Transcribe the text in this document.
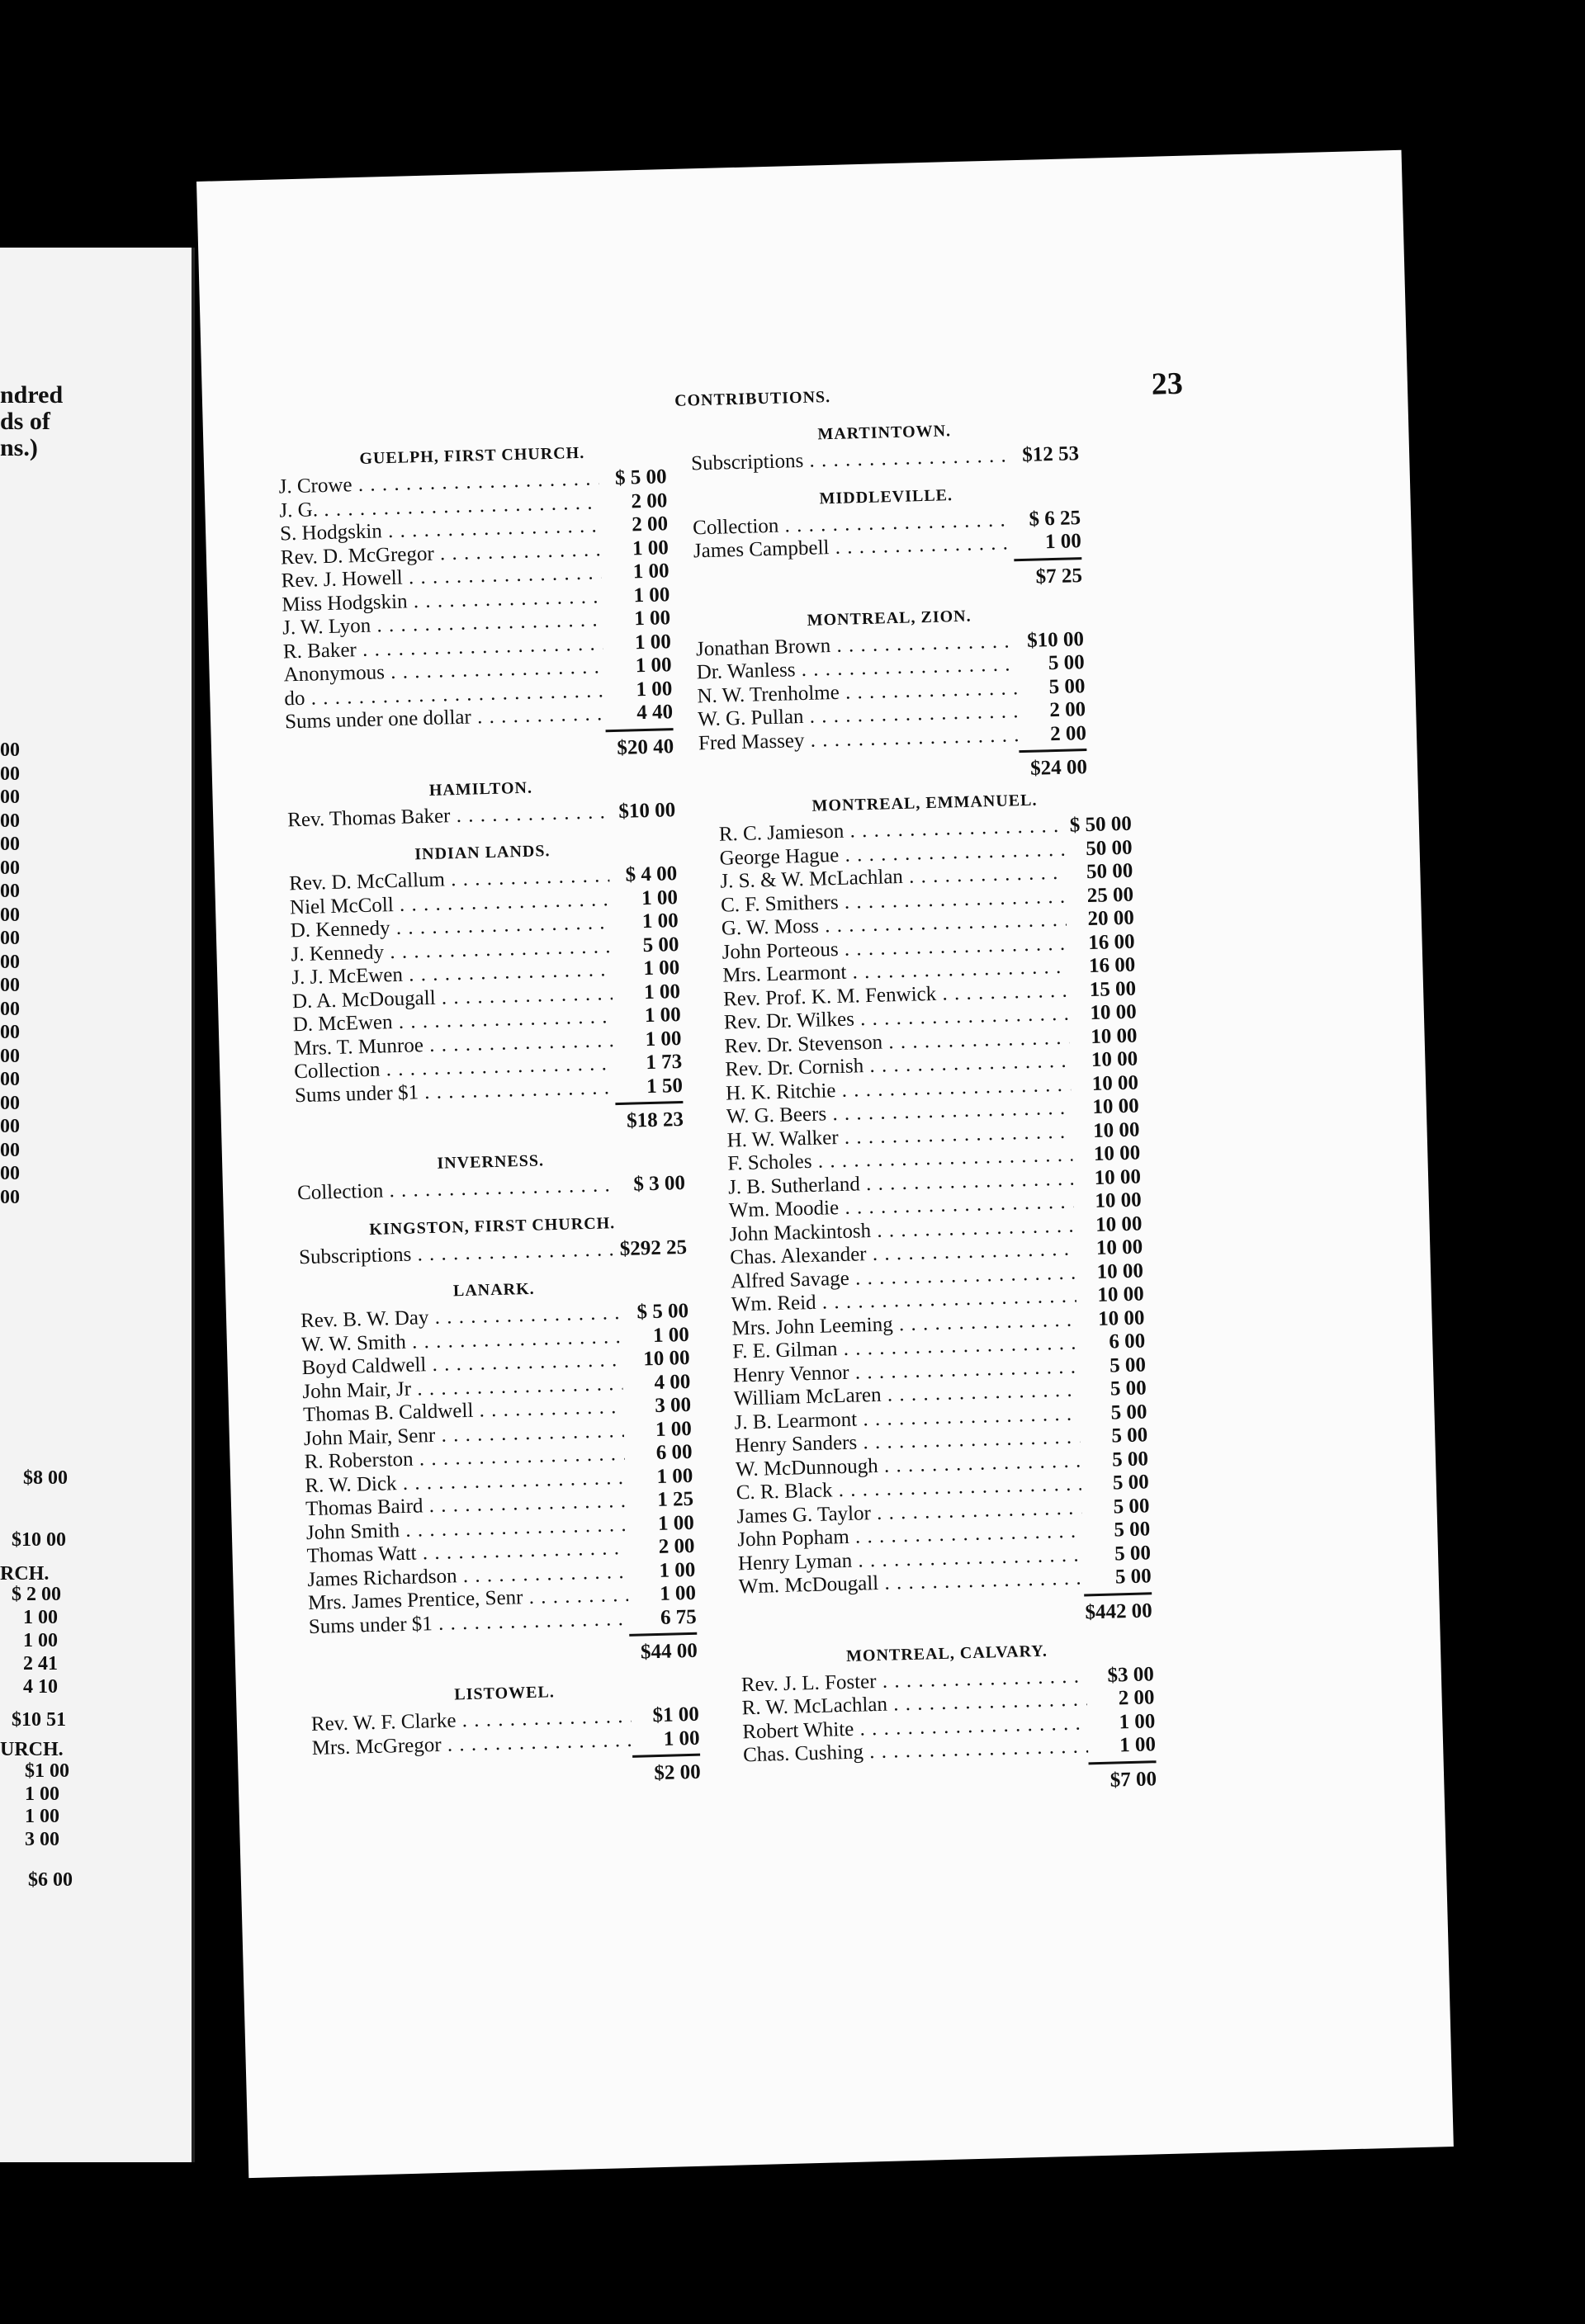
ndred
ds of
ns.)
00
00
00
00
00
00
00
00
00
00
00
00
00
00
00
00
00
00
00
00
$8 00
$10 00
RCH.
$ 2 00
1 00
1 00
2 41
4 10
$10 51
URCH.
$1 00
1 00
1 00
3 00
$6 00
CONTRIBUTIONS.	23
GUELPH, FIRST CHURCH.
J. Crowe . . .	$ 5 00
J. G. . . .	2 00
S. Hodgskin . . .	2 00
Rev. D. McGregor . . .	1 00
Rev. J. Howell . . .	1 00
Miss Hodgskin . . .	1 00
J. W. Lyon . . .	1 00
R. Baker . . .	1 00
Anonymous . . .	1 00
do . . .	1 00
Sums under one dollar . . .	4 40
$20 40
HAMILTON.
Rev. Thomas Baker . . .	$10 00
INDIAN LANDS.
Rev. D. McCallum . . .	$ 4 00
Niel McColl . . .	1 00
D. Kennedy . . .	1 00
J. Kennedy . . .	5 00
J. J. McEwen . . .	1 00
D. A. McDougall . . .	1 00
D. McEwen . . .	1 00
Mrs. T. Munroe . . .	1 00
Collection . . .	1 73
Sums under $1 . . .	1 50
$18 23
INVERNESS.
Collection . . .	$ 3 00
KINGSTON, FIRST CHURCH.
Subscriptions . . .	$292 25
LANARK.
Rev. B. W. Day . . .	$ 5 00
W. W. Smith . . .	1 00
Boyd Caldwell . . .	10 00
John Mair, Jr . . .	4 00
Thomas B. Caldwell . . .	3 00
John Mair, Senr . . .	1 00
R. Roberston . . .	6 00
R. W. Dick . . .	1 00
Thomas Baird . . .	1 25
John Smith . . .	1 00
Thomas Watt . . .	2 00
James Richardson . . .	1 00
Mrs. James Prentice, Senr . . .	1 00
Sums under $1 . . .	6 75
$44 00
LISTOWEL.
Rev. W. F. Clarke . . .	$1 00
Mrs. McGregor . . .	1 00
$2 00
MARTINTOWN.
Subscriptions . . .	$12 53
MIDDLEVILLE.
Collection . . .	$ 6 25
James Campbell . . .	1 00
$7 25
MONTREAL, ZION.
Jonathan Brown . . .	$10 00
Dr. Wanless . . .	5 00
N. W. Trenholme . . .	5 00
W. G. Pullan . . .	2 00
Fred Massey . . .	2 00
$24 00
MONTREAL, EMMANUEL.
R. C. Jamieson . . .	$ 50 00
George Hague . . .	50 00
J. S. & W. McLachlan . . .	50 00
C. F. Smithers . . .	25 00
G. W. Moss . . .	20 00
John Porteous . . .	16 00
Mrs. Learmont . . .	16 00
Rev. Prof. K. M. Fenwick . . .	15 00
Rev. Dr. Wilkes . . .	10 00
Rev. Dr. Stevenson . . .	10 00
Rev. Dr. Cornish . . .	10 00
H. K. Ritchie . . .	10 00
W. G. Beers . . .	10 00
H. W. Walker . . .	10 00
F. Scholes . . .	10 00
J. B. Sutherland . . .	10 00
Wm. Moodie . . .	10 00
John Mackintosh . . .	10 00
Chas. Alexander . . .	10 00
Alfred Savage . . .	10 00
Wm. Reid . . .	10 00
Mrs. John Leeming . . .	10 00
F. E. Gilman . . .	6 00
Henry Vennor . . .	5 00
William McLaren . . .	5 00
J. B. Learmont . . .	5 00
Henry Sanders . . .	5 00
W. McDunnough . . .	5 00
C. R. Black . . .	5 00
James G. Taylor . . .	5 00
John Popham . . .	5 00
Henry Lyman . . .	5 00
Wm. McDougall . . .	5 00
$442 00
MONTREAL, CALVARY.
Rev. J. L. Foster . . .	$3 00
R. W. McLachlan . . .	2 00
Robert White . . .	1 00
Chas. Cushing . . .	1 00
$7 00
